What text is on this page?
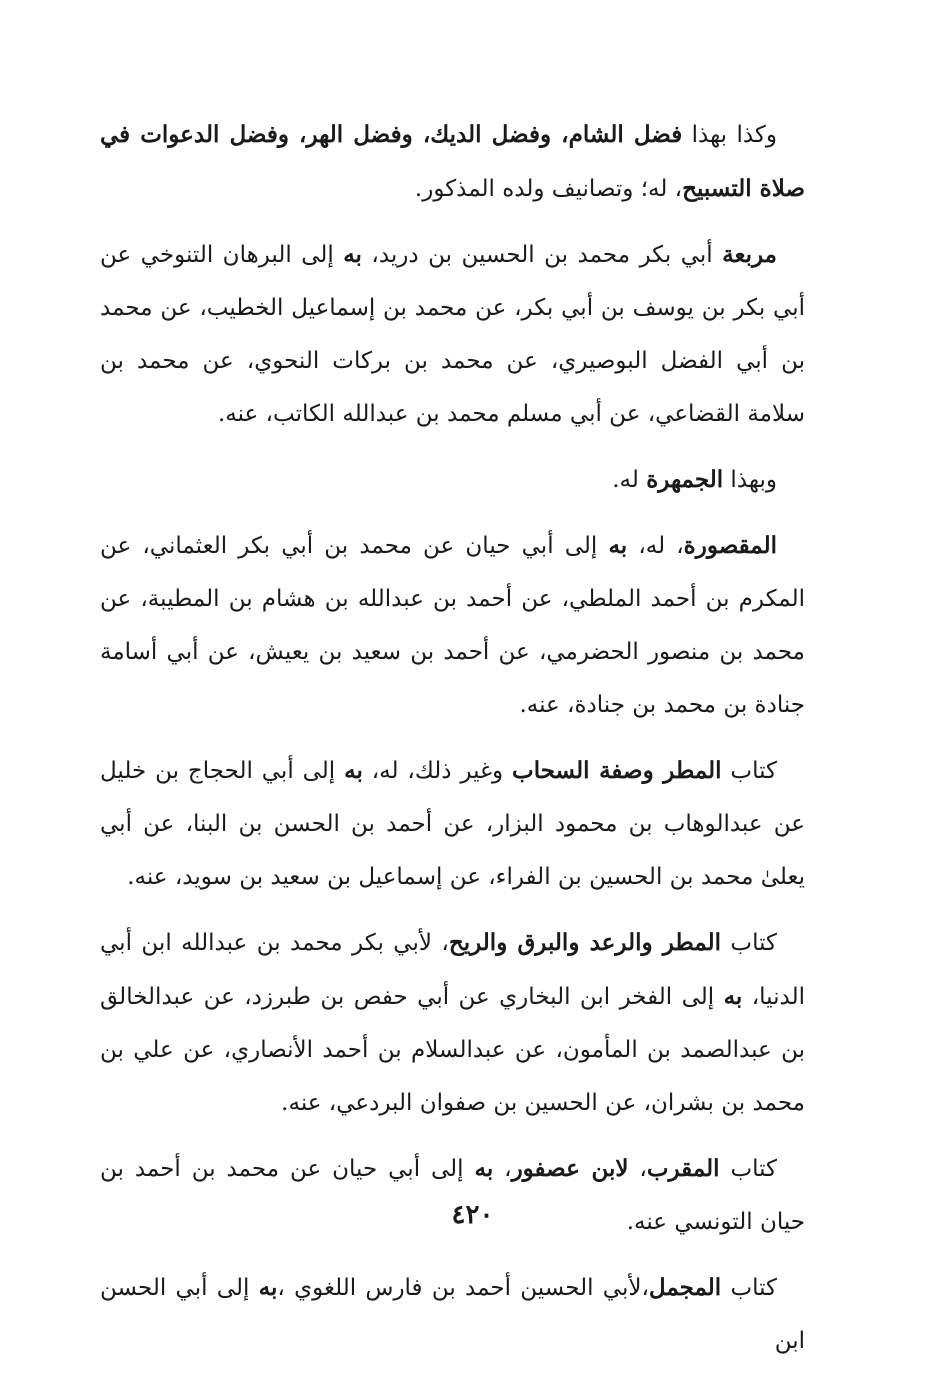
وكذا بهذا فضل الشام، وفضل الديك، وفضل الهر، وفضل الدعوات في صلاة التسبيح، له؛ وتصانيف ولده المذكور.

مربعة أبي بكر محمد بن الحسين بن دريد، به إلى البرهان التنوخي عن أبي بكر بن يوسف بن أبي بكر، عن محمد بن إسماعيل الخطيب، عن محمد بن أبي الفضل البوصيري، عن محمد بن بركات النحوي، عن محمد بن سلامة القضاعي، عن أبي مسلم محمد بن عبدالله الكاتب، عنه.

وبهذا الجمهرة له.

المقصورة، له، به إلى أبي حيان عن محمد بن أبي بكر العثماني، عن المكرم بن أحمد الملطي، عن أحمد بن عبدالله بن هشام بن المطيبة، عن محمد بن منصور الحضرمي، عن أحمد بن سعيد بن يعيش، عن أبي أسامة جنادة بن محمد بن جنادة، عنه.

كتاب المطر وصفة السحاب وغير ذلك، له، به إلى أبي الحجاج بن خليل عن عبدالوهاب بن محمود البزار، عن أحمد بن الحسن بن البنا، عن أبي يعلىٰ محمد بن الحسين بن الفراء، عن إسماعيل بن سعيد بن سويد، عنه.

كتاب المطر والرعد والبرق والريح، لأبي بكر محمد بن عبدالله ابن أبي الدنيا، به إلى الفخر ابن البخاري عن أبي حفص بن طبرزد، عن عبدالخالق بن عبدالصمد بن المأمون، عن عبدالسلام بن أحمد الأنصاري، عن علي بن محمد بن بشران، عن الحسين بن صفوان البردعي، عنه.

كتاب المقرب، لابن عصفور، به إلى أبي حيان عن محمد بن أحمد بن حيان التونسي عنه.

كتاب المجمل،لأبي الحسين أحمد بن فارس اللغوي ،به إلى أبي الحسن ابن

٤٢٠
